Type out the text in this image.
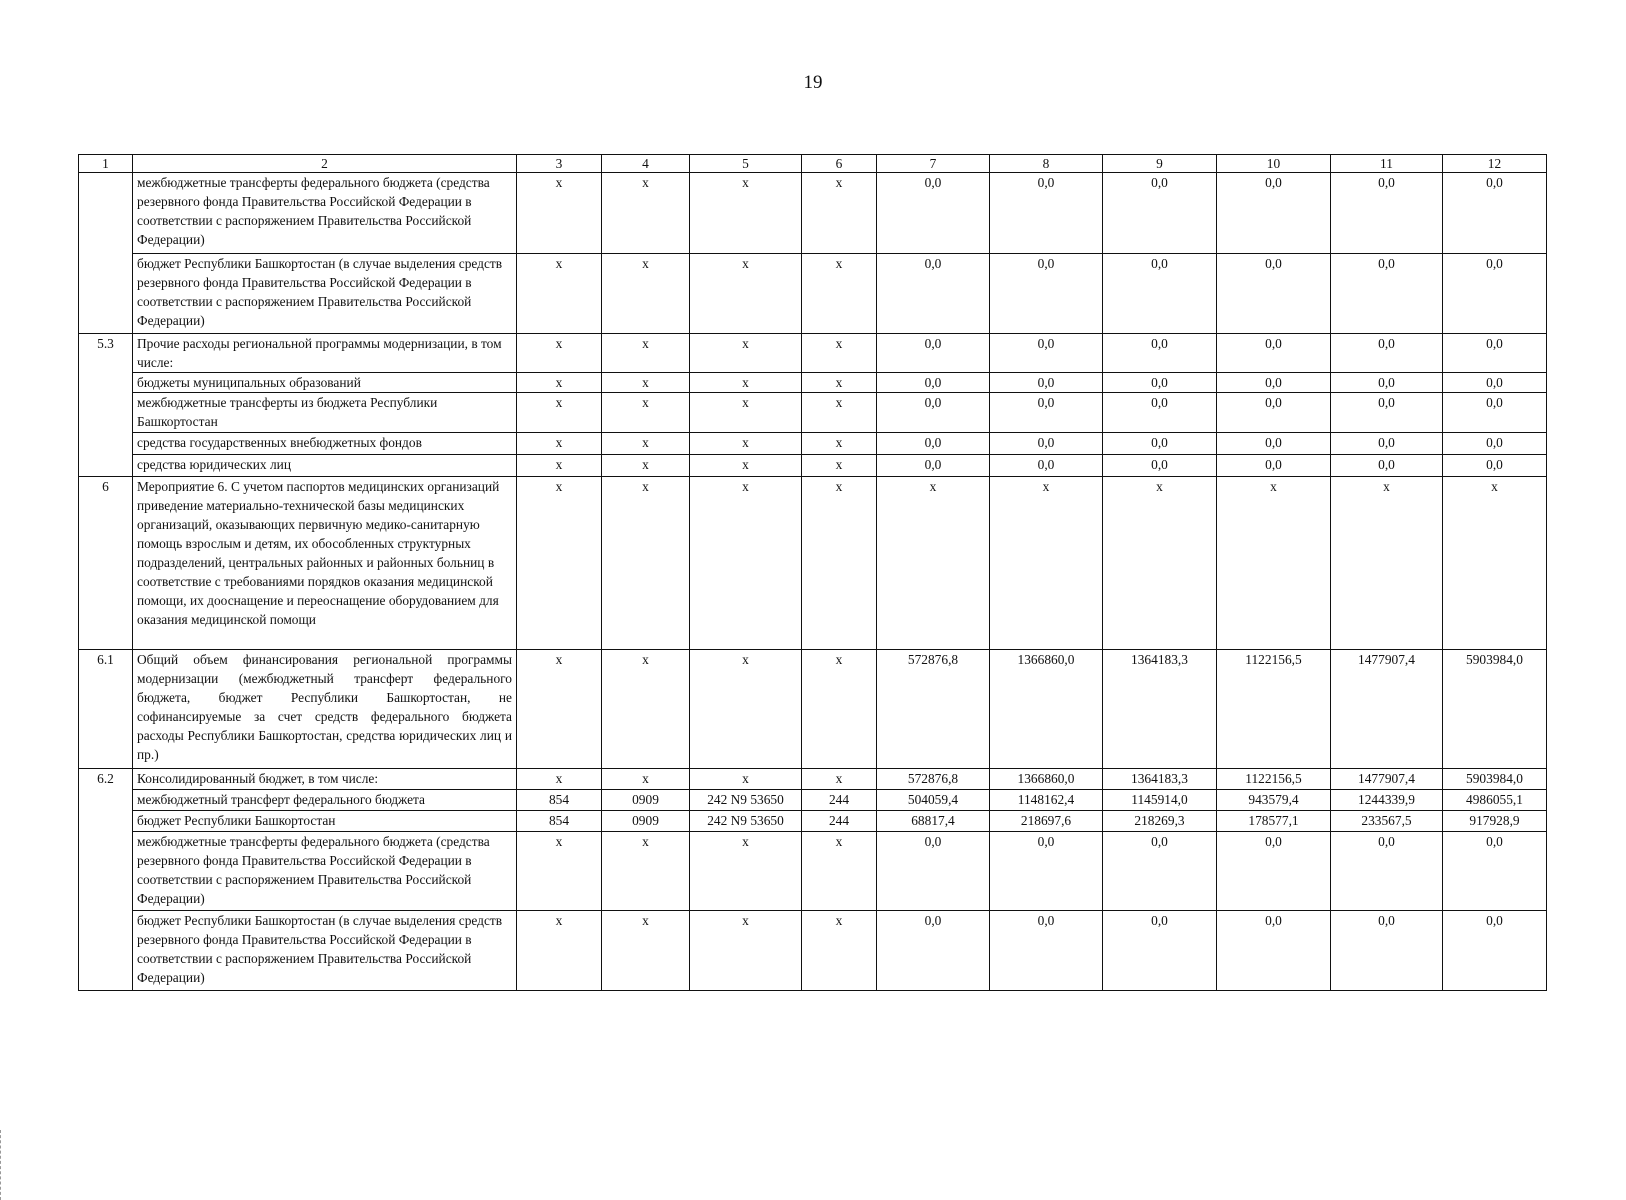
19
1	2	3	4	5	6	7	8	9	10	11	12
	межбюджетные трансферты федерального бюджета (средства резервного фонда Правительства Российской Федерации в соответствии с распоряжением Правительства Российской Федерации)	х	х	х	х	0,0	0,0	0,0	0,0	0,0	0,0
	бюджет Республики Башкортостан (в случае выделения средств резервного фонда Правительства Российской Федерации в соответствии с распоряжением Правительства Российской Федерации)	х	х	х	х	0,0	0,0	0,0	0,0	0,0	0,0
5.3	Прочие расходы региональной программы модернизации, в том числе:	х	х	х	х	0,0	0,0	0,0	0,0	0,0	0,0
	бюджеты муниципальных образований	х	х	х	х	0,0	0,0	0,0	0,0	0,0	0,0
	межбюджетные трансферты из бюджета Республики Башкортостан	х	х	х	х	0,0	0,0	0,0	0,0	0,0	0,0
	средства государственных внебюджетных фондов	х	х	х	х	0,0	0,0	0,0	0,0	0,0	0,0
	средства юридических лиц	х	х	х	х	0,0	0,0	0,0	0,0	0,0	0,0
6	Мероприятие 6. С учетом паспортов медицинских организаций приведение материально-технической базы медицинских организаций, оказывающих первичную медико-санитарную помощь взрослым и детям, их обособленных структурных подразделений, центральных районных и районных больниц в соответствие с требованиями порядков оказания медицинской помощи, их дооснащение и переоснащение оборудованием для оказания медицинской помощи	х	х	х	х	х	х	х	х	х	х
6.1	Общий объем финансирования региональной программы модернизации (межбюджетный трансферт федерального бюджета, бюджет Республики Башкортостан, не софинансируемые за счет средств федерального бюджета расходы Республики Башкортостан, средства юридических лиц и пр.)	х	х	х	х	572876,8	1366860,0	1364183,3	1122156,5	1477907,4	5903984,0
6.2	Консолидированный бюджет, в том числе:	х	х	х	х	572876,8	1366860,0	1364183,3	1122156,5	1477907,4	5903984,0
	межбюджетный трансферт федерального бюджета	854	0909	242 N9 53650	244	504059,4	1148162,4	1145914,0	943579,4	1244339,9	4986055,1
	бюджет Республики Башкортостан	854	0909	242 N9 53650	244	68817,4	218697,6	218269,3	178577,1	233567,5	917928,9
	межбюджетные трансферты федерального бюджета (средства резервного фонда Правительства Российской Федерации в соответствии с распоряжением Правительства Российской Федерации)	х	х	х	х	0,0	0,0	0,0	0,0	0,0	0,0
	бюджет Республики Башкортостан (в случае выделения средств резервного фонда Правительства Российской Федерации в соответствии с распоряжением Правительства Российской Федерации)	х	х	х	х	0,0	0,0	0,0	0,0	0,0	0,0
